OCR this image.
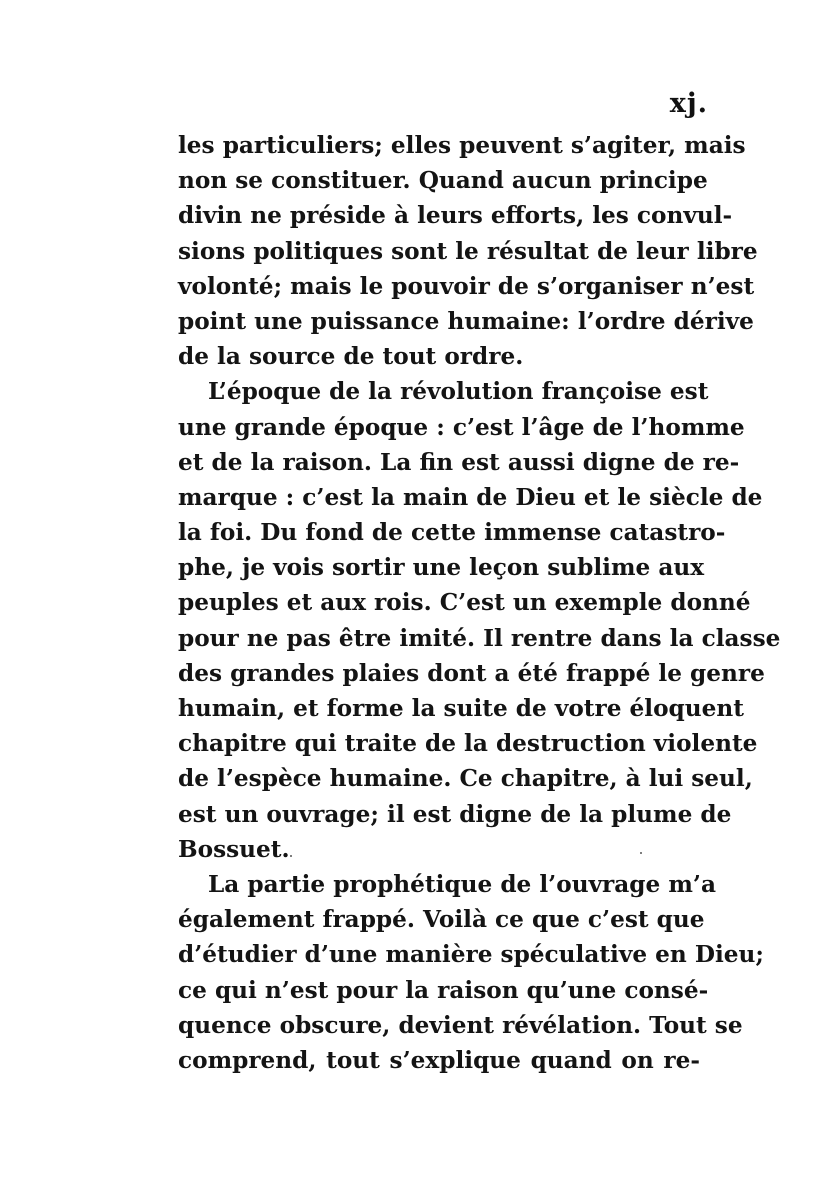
xj.
les particuliers; elles peuvent s’agiter, mais
non se constituer. Quand aucun principe
divin ne préside à leurs efforts, les convul-
sions politiques sont le résultat de leur libre
volonté; mais le pouvoir de s’organiser n’est
point une puissance humaine: l’ordre dérive
de la source de tout ordre.
L’époque de la révolution françoise est
une grande époque : c’est l’âge de l’homme
et de la raison. La fin est aussi digne de re-
marque : c’est la main de Dieu et le siècle de
la foi. Du fond de cette immense catastro-
phe, je vois sortir une leçon sublime aux
peuples et aux rois. C’est un exemple donné
pour ne pas être imité. Il rentre dans la classe
des grandes plaies dont a été frappé le genre
humain, et forme la suite de votre éloquent
chapitre qui traite de la destruction violente
de l’espèce humaine. Ce chapitre, à lui seul,
est un ouvrage; il est digne de la plume de
Bossuet.
La partie prophétique de l’ouvrage m’a
également frappé. Voilà ce que c’est que
d’étudier d’une manière spéculative en Dieu;
ce qui n’est pour la raison qu’une consé-
quence obscure, devient révélation. Tout se
comprend, tout s’explique quand on re-
